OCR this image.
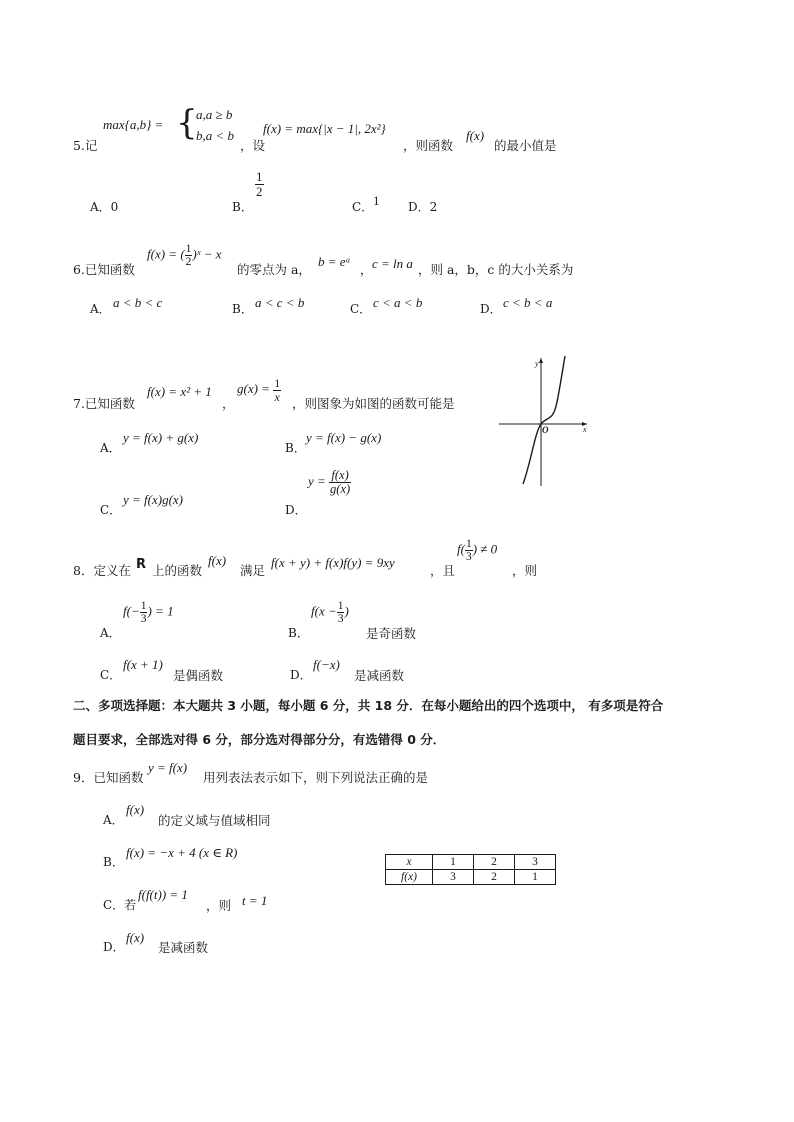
5.记
max{a,b} = {
a,a ≥ b
b,a < b
，设
f(x) = max{|x − 1|, 2x²}
，则函数
f(x)
的最小值是
A．0	B．
$\frac{1}{2}$
C． 1 D．2
6.已知函数
f(x) = ( $\frac{1}{2}$ )ˣ − x
的零点为 a，
b = eᵃ
， c = ln a ，则 a，b，c 的大小关系为
A． a < b < c	B． a < c < b	C． c < a < b	D． c < b < a
7.已知函数
f(x) = x² + 1
，
$g(x) = \frac{1}{x}$
，则图象为如图的函数可能是
A．
y = f(x) + g(x)
B．
y = f(x) − g(x)
C．
y = f(x)g(x)
D．
$y = \frac{f(x)}{g(x)}$
y
x
O
8．定义在 R 上的函数
f(x)
满足
f(x + y) + f(x)f(y) = 9xy
，且
$f( \frac{1}{3}$ ) ≠ 0
，则
A．
$f(- \frac{1}{3}$ ) = 1
B．
$f(x - \frac{1}{3}$ )
是奇函数
C．
f(x + 1)
是偶函数	D．
f(−x)
是减函数
二、多项选择题：本大题共 3 小题，每小题 6 分，共 18 分．在每小题给出的四个选项中， 有多项是符合
题目要求，全部选对得 6 分，部分选对得部分分，有选错得 0 分．
9．已知函数
y = f(x)
用列表法表示如下，则下列说法正确的是
A．
f(x)
的定义域与值域相同
B．
f(x) = −x + 4 (x ∈ R)
C．若
f(f(t)) = 1
，则 t = 1
D．
f(x)
是减函数
x	1	2	3
f(x)	3	2	1
